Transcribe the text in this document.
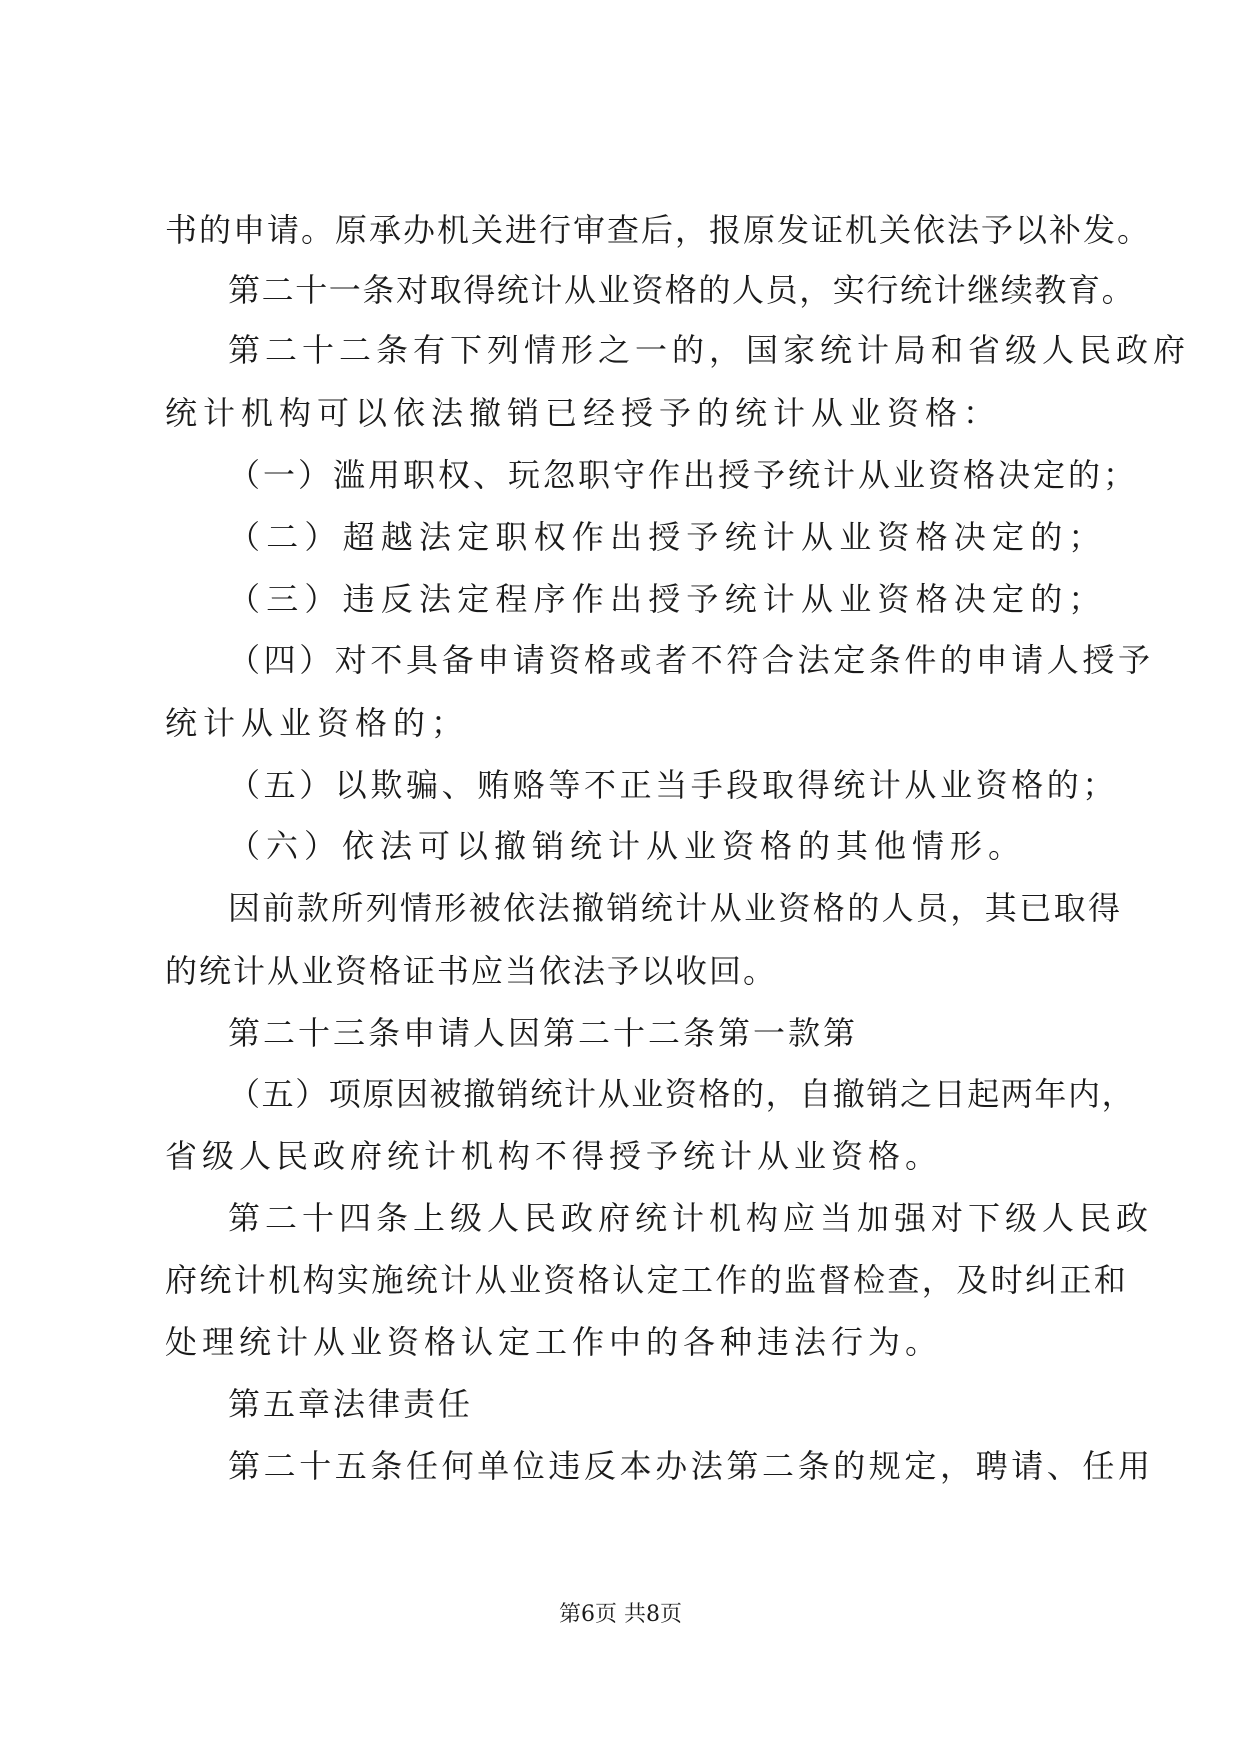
书的申请。原承办机关进行审查后，报原发证机关依法予以补发。
第二十一条对取得统计从业资格的人员，实行统计继续教育。
第二十二条有下列情形之一的，国家统计局和省级人民政府
统计机构可以依法撤销已经授予的统计从业资格：
（一）滥用职权、玩忽职守作出授予统计从业资格决定的；
（二）超越法定职权作出授予统计从业资格决定的；
（三）违反法定程序作出授予统计从业资格决定的；
（四）对不具备申请资格或者不符合法定条件的申请人授予
统计从业资格的；
（五）以欺骗、贿赂等不正当手段取得统计从业资格的；
（六）依法可以撤销统计从业资格的其他情形。
因前款所列情形被依法撤销统计从业资格的人员，其已取得
的统计从业资格证书应当依法予以收回。
第二十三条申请人因第二十二条第一款第
（五）项原因被撤销统计从业资格的，自撤销之日起两年内，
省级人民政府统计机构不得授予统计从业资格。
第二十四条上级人民政府统计机构应当加强对下级人民政
府统计机构实施统计从业资格认定工作的监督检查，及时纠正和
处理统计从业资格认定工作中的各种违法行为。
第五章法律责任
第二十五条任何单位违反本办法第二条的规定，聘请、任用
第6页 共8页
